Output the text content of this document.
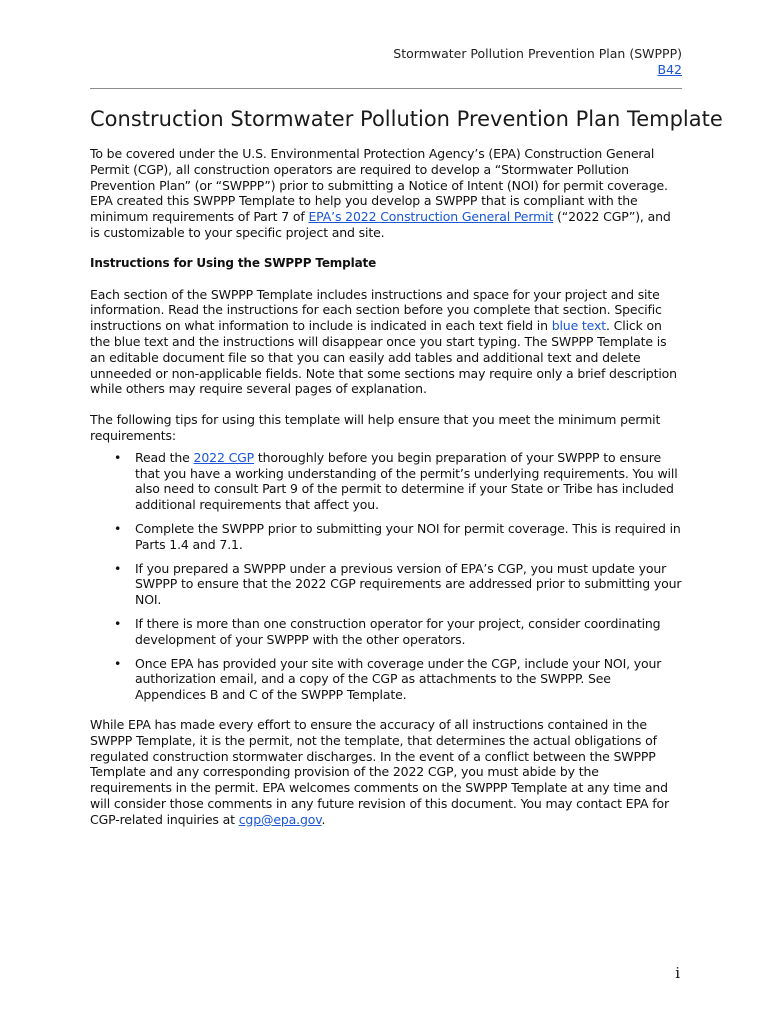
Stormwater Pollution Prevention Plan (SWPPP)
B42
Construction Stormwater Pollution Prevention Plan Template

To be covered under the U.S. Environmental Protection Agency’s (EPA) Construction General Permit (CGP), all construction operators are required to develop a “Stormwater Pollution Prevention Plan” (or “SWPPP”) prior to submitting a Notice of Intent (NOI) for permit coverage. EPA created this SWPPP Template to help you develop a SWPPP that is compliant with the minimum requirements of Part 7 of EPA’s 2022 Construction General Permit (“2022 CGP”), and is customizable to your specific project and site.

Instructions for Using the SWPPP Template

Each section of the SWPPP Template includes instructions and space for your project and site information. Read the instructions for each section before you complete that section. Specific instructions on what information to include is indicated in each text field in blue text. Click on the blue text and the instructions will disappear once you start typing. The SWPPP Template is an editable document file so that you can easily add tables and additional text and delete unneeded or non-applicable fields. Note that some sections may require only a brief description while others may require several pages of explanation.

The following tips for using this template will help ensure that you meet the minimum permit requirements:

• Read the 2022 CGP thoroughly before you begin preparation of your SWPPP to ensure that you have a working understanding of the permit’s underlying requirements. You will also need to consult Part 9 of the permit to determine if your State or Tribe has included additional requirements that affect you.
• Complete the SWPPP prior to submitting your NOI for permit coverage. This is required in Parts 1.4 and 7.1.
• If you prepared a SWPPP under a previous version of EPA’s CGP, you must update your SWPPP to ensure that the 2022 CGP requirements are addressed prior to submitting your NOI.
• If there is more than one construction operator for your project, consider coordinating development of your SWPPP with the other operators.
• Once EPA has provided your site with coverage under the CGP, include your NOI, your authorization email, and a copy of the CGP as attachments to the SWPPP. See Appendices B and C of the SWPPP Template.

While EPA has made every effort to ensure the accuracy of all instructions contained in the SWPPP Template, it is the permit, not the template, that determines the actual obligations of regulated construction stormwater discharges. In the event of a conflict between the SWPPP Template and any corresponding provision of the 2022 CGP, you must abide by the requirements in the permit. EPA welcomes comments on the SWPPP Template at any time and will consider those comments in any future revision of this document. You may contact EPA for CGP-related inquiries at cgp@epa.gov.

i
